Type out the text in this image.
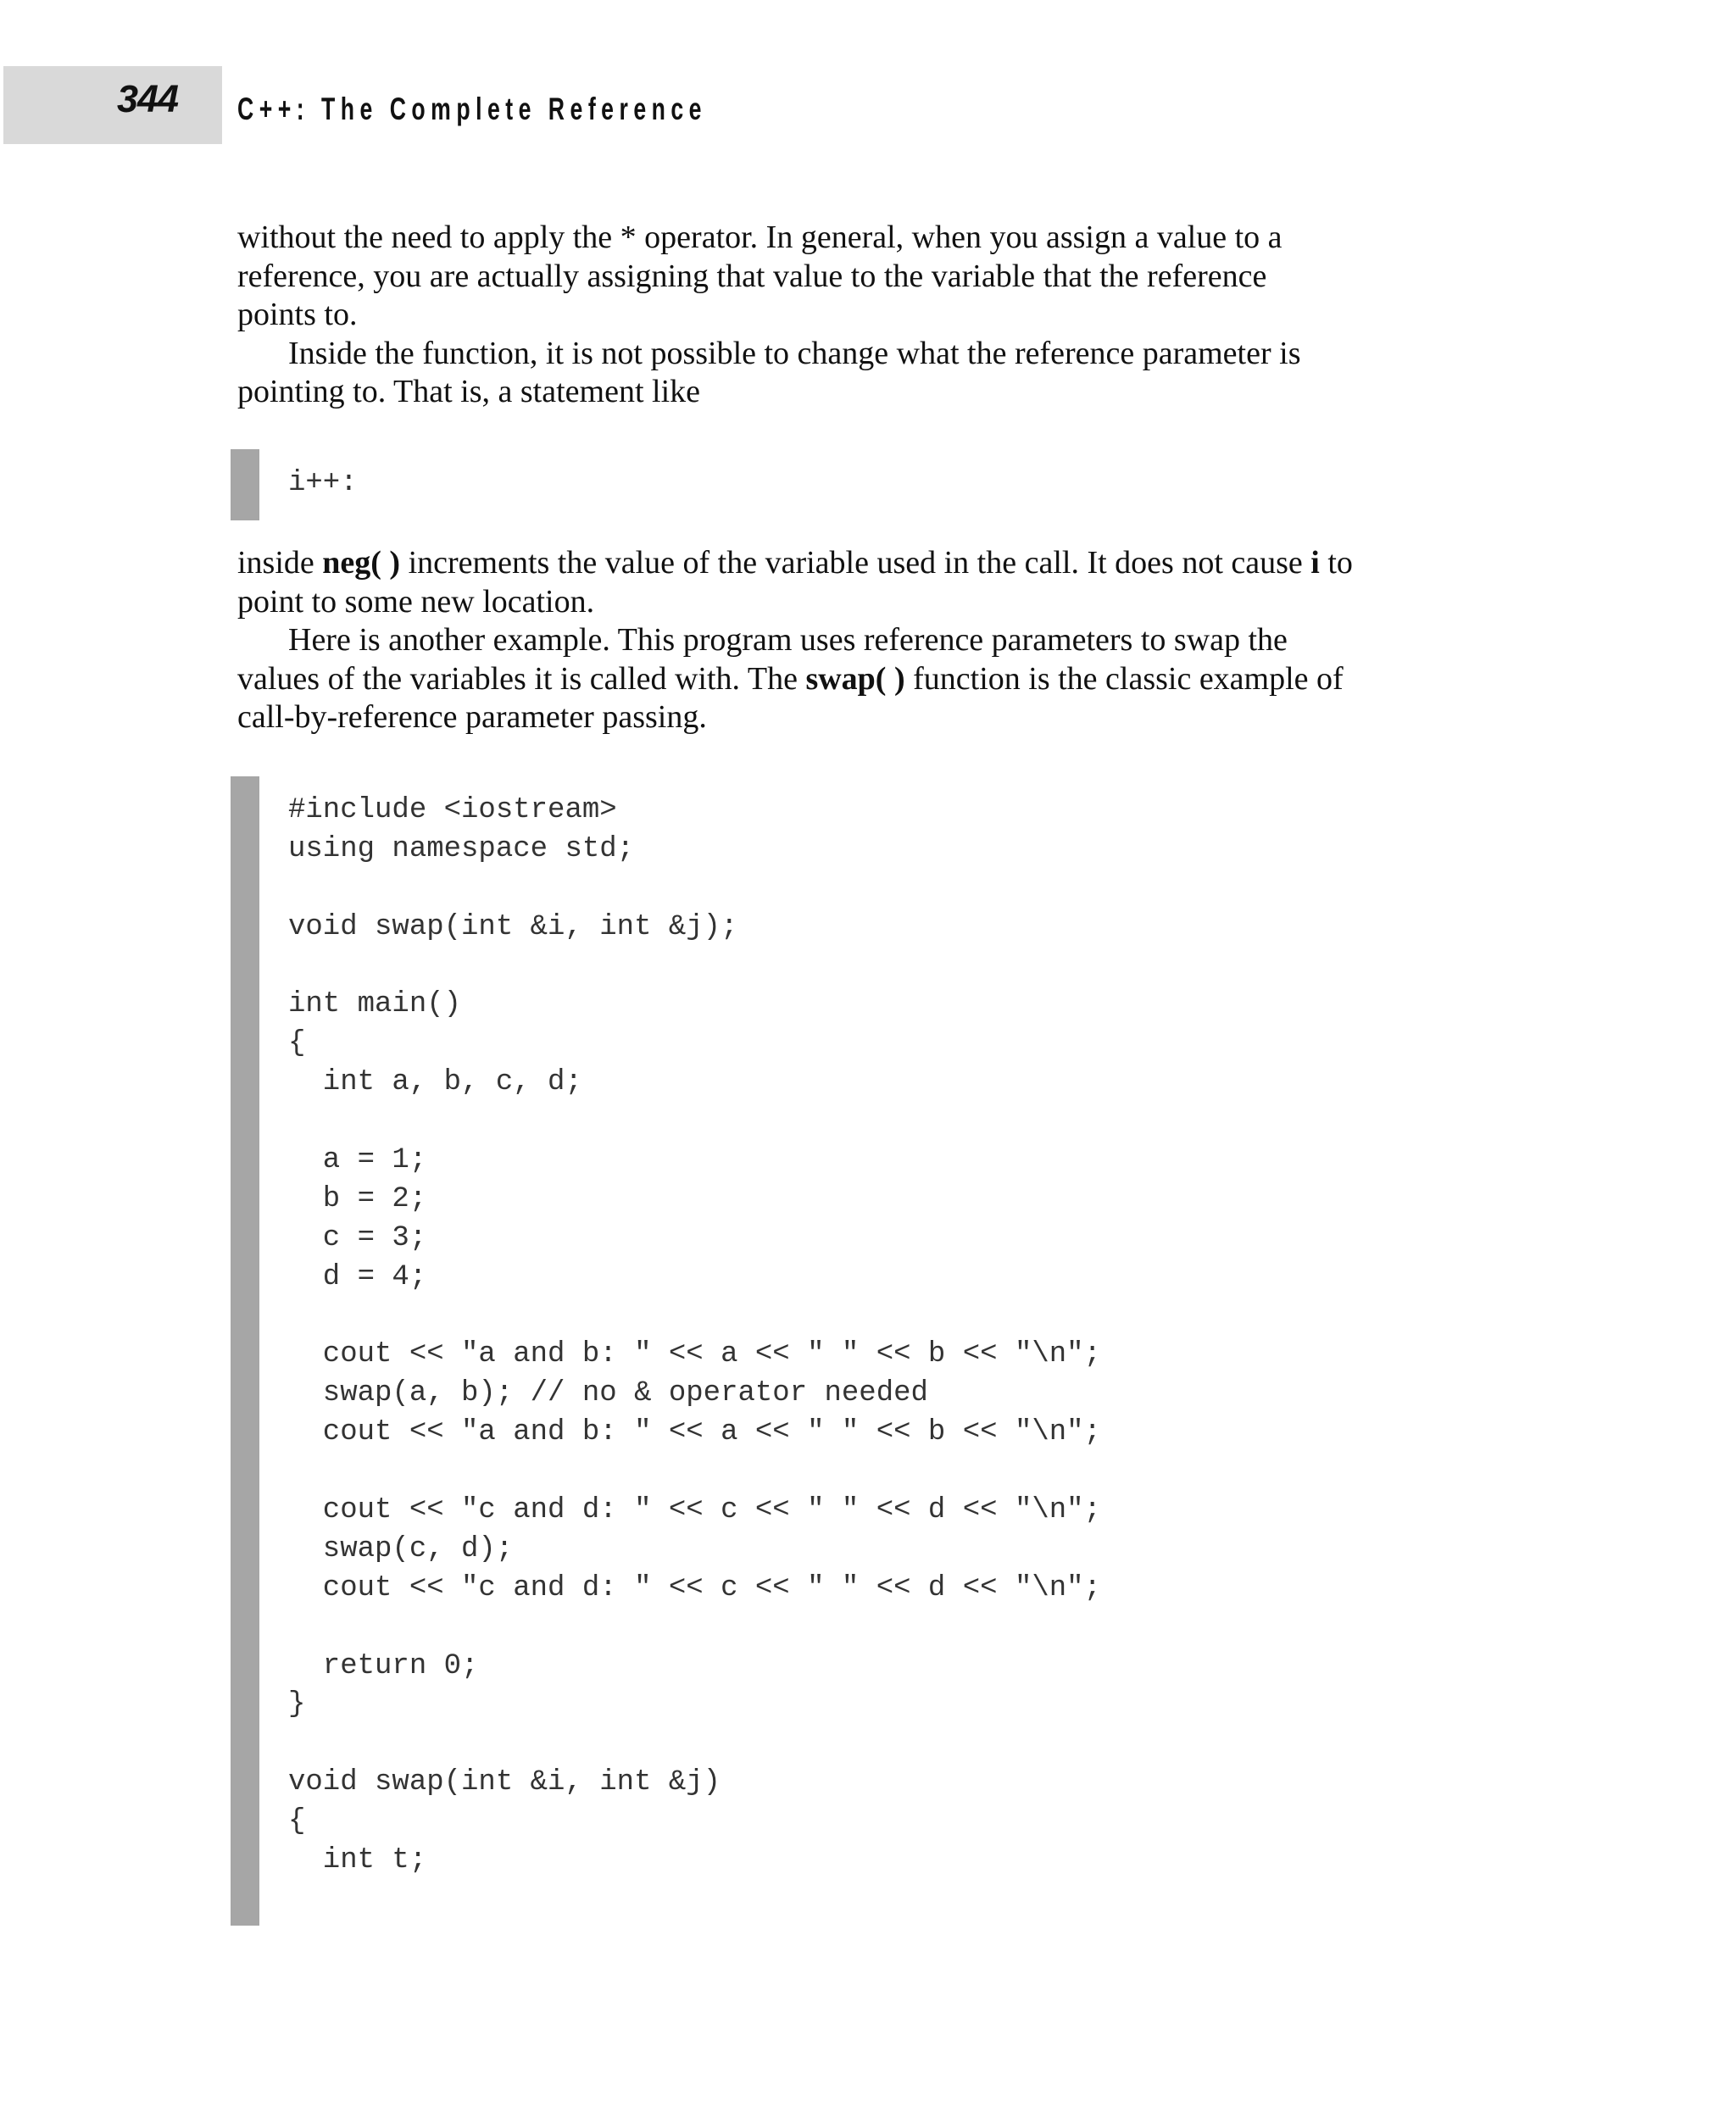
344 C++: The Complete Reference

without the need to apply the * operator. In general, when you assign a value to a

reference, you are actually assigning that value to the variable that the reference

points to.

Inside the function, it is not possible to change what the reference parameter is

pointing to. That is, a statement like

i++:

inside neg( ) increments the value of the variable used in the call. It does not cause i to

point to some new location.

Here is another example. This program uses reference parameters to swap the

values of the variables it is called with. The swap( ) function is the classic example of

call-by-reference parameter passing.

#include <iostream>
using namespace std;
void swap(int &i, int &j);
int main()
{
int a, b, c, d;
a = 1;
b = 2;
c = 3;
d = 4;
cout << "a and b: " << a << " " << b << "\n";
swap(a, b); // no & operator needed
cout << "a and b: " << a << " " << b << "\n";
cout << "c and d: " << c << " " << d << "\n";
swap(c, d);
cout << "c and d: " << c << " " << d << "\n";
return 0;
}
void swap(int &i, int &j)
{
int t;
